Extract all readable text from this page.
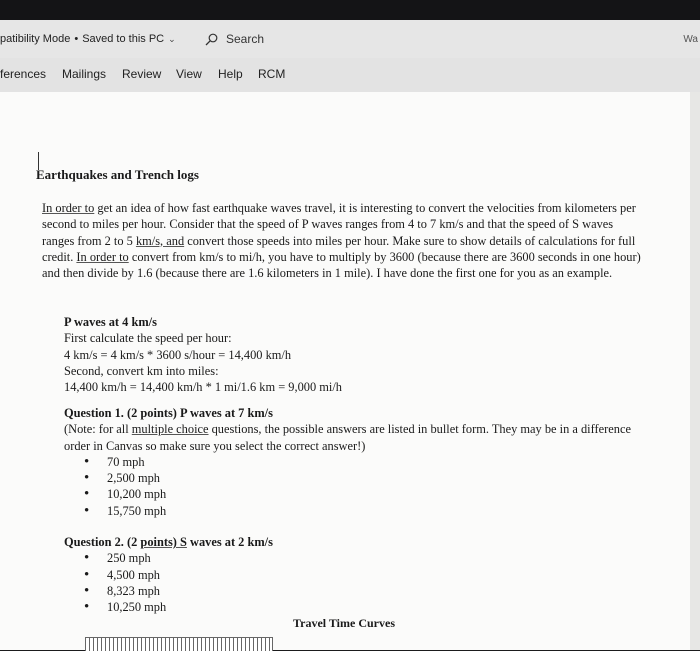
patibility Mode • Saved to this PC ⌄	Search	Wa
ferences Mailings Review View Help RCM
Earthquakes and Trench logs
In order to get an idea of how fast earthquake waves travel, it is interesting to convert the velocities from kilometers per second to miles per hour. Consider that the speed of P waves ranges from 4 to 7 km/s and that the speed of S waves ranges from 2 to 5 km/s, and convert those speeds into miles per hour. Make sure to show details of calculations for full credit. In order to convert from km/s to mi/h, you have to multiply by 3600 (because there are 3600 seconds in one hour) and then divide by 1.6 (because there are 1.6 kilometers in 1 mile). I have done the first one for you as an example.
P waves at 4 km/s
First calculate the speed per hour:
4 km/s = 4 km/s * 3600 s/hour = 14,400 km/h
Second, convert km into miles:
14,400 km/h = 14,400 km/h * 1 mi/1.6 km = 9,000 mi/h
Question 1. (2 points) P waves at 7 km/s
(Note: for all multiple choice questions, the possible answers are listed in bullet form. They may be in a difference order in Canvas so make sure you select the correct answer!)
• 70 mph
• 2,500 mph
• 10,200 mph
• 15,750 mph
Question 2. (2 points) S waves at 2 km/s
• 250 mph
• 4,500 mph
• 8,323 mph
• 10,250 mph
Travel Time Curves
